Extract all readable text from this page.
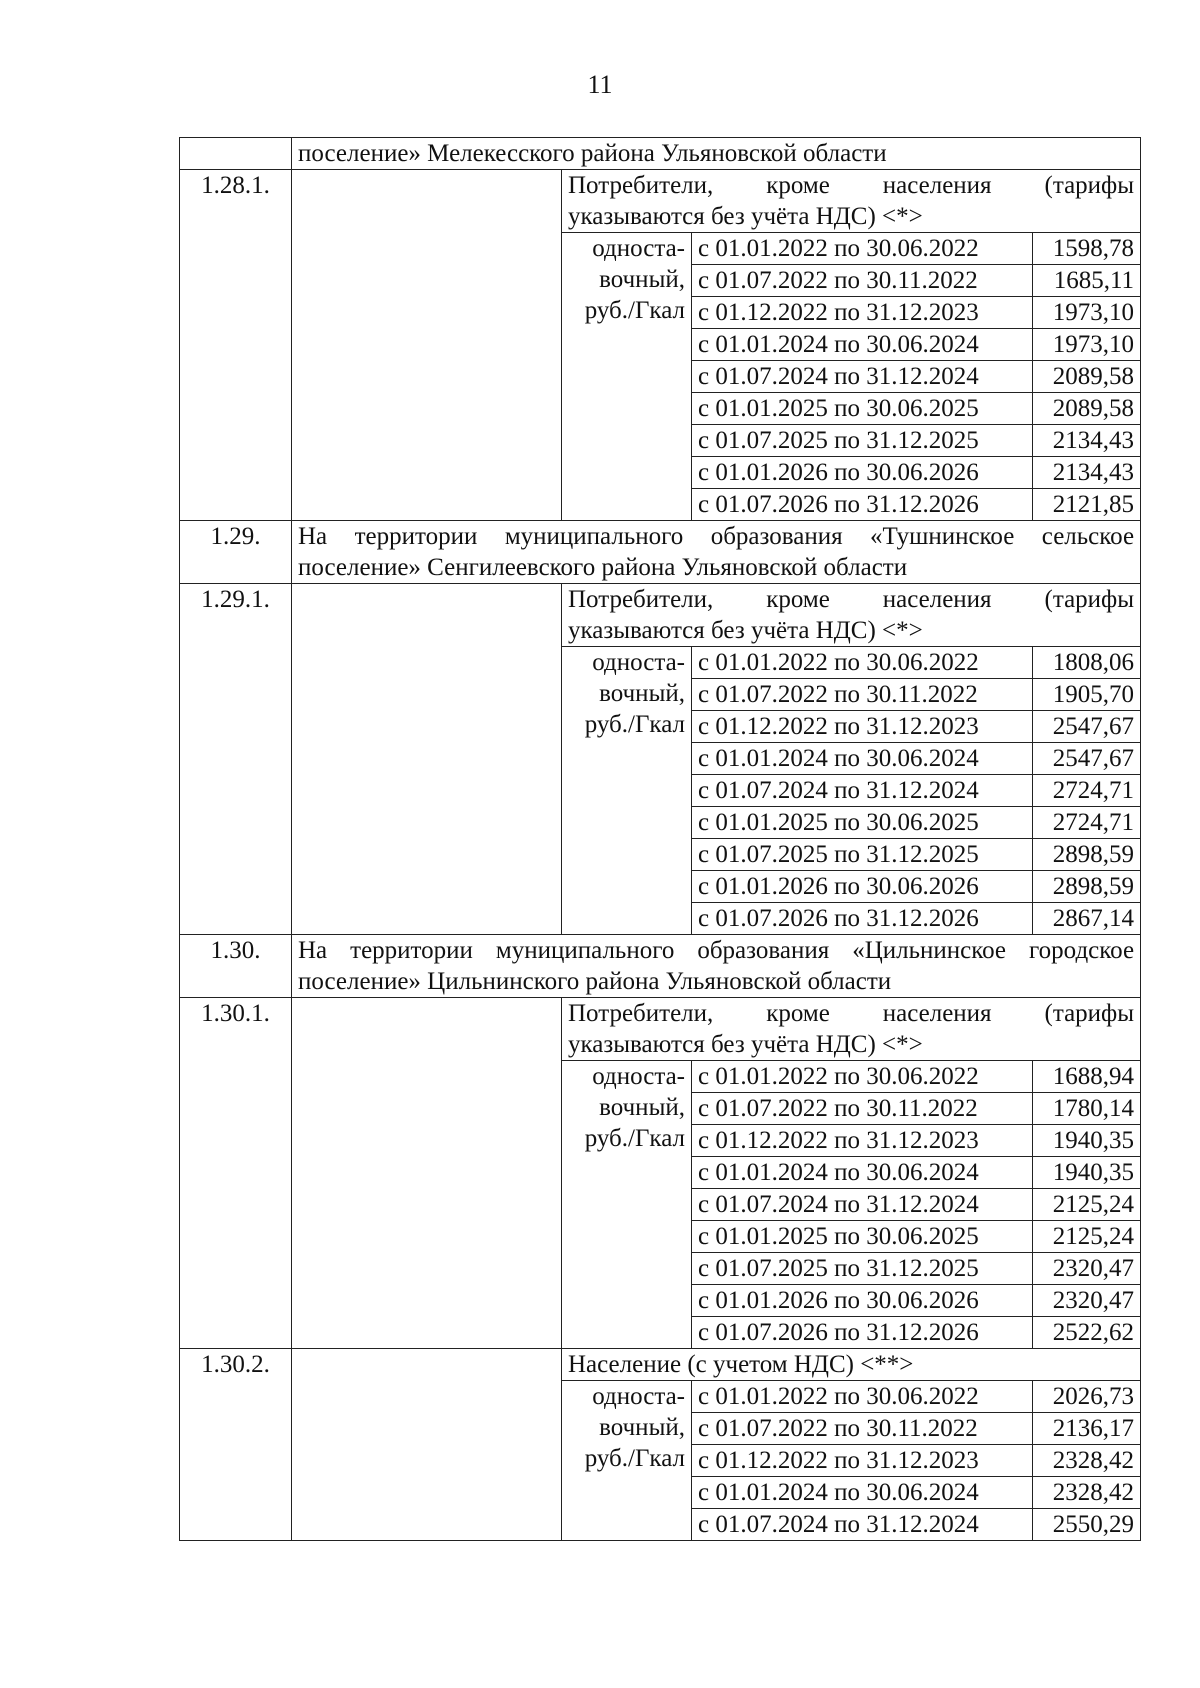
11
	поселение» Мелекесского района Ульяновской области			
1.28.1.		Потребители, кроме населения (тарифы указываются без учёта НДС) <*>		
		односта-вочный, руб./Гкал	с 01.01.2022 по 30.06.2022	1598,78
			с 01.07.2022 по 30.11.2022	1685,11
			с 01.12.2022 по 31.12.2023	1973,10
			с 01.01.2024 по 30.06.2024	1973,10
			с 01.07.2024 по 31.12.2024	2089,58
			с 01.01.2025 по 30.06.2025	2089,58
			с 01.07.2025 по 31.12.2025	2134,43
			с 01.01.2026 по 30.06.2026	2134,43
			с 01.07.2026 по 31.12.2026	2121,85
1.29.	На территории муниципального образования «Тушнинское сельское поселение» Сенгилеевского района Ульяновской области			
1.29.1.		Потребители, кроме населения (тарифы указываются без учёта НДС) <*>		
		односта-вочный, руб./Гкал	с 01.01.2022 по 30.06.2022	1808,06
			с 01.07.2022 по 30.11.2022	1905,70
			с 01.12.2022 по 31.12.2023	2547,67
			с 01.01.2024 по 30.06.2024	2547,67
			с 01.07.2024 по 31.12.2024	2724,71
			с 01.01.2025 по 30.06.2025	2724,71
			с 01.07.2025 по 31.12.2025	2898,59
			с 01.01.2026 по 30.06.2026	2898,59
			с 01.07.2026 по 31.12.2026	2867,14
1.30.	На территории муниципального образования «Цильнинское городское поселение» Цильнинского района Ульяновской области			
1.30.1.		Потребители, кроме населения (тарифы указываются без учёта НДС) <*>		
		односта-вочный, руб./Гкал	с 01.01.2022 по 30.06.2022	1688,94
			с 01.07.2022 по 30.11.2022	1780,14
			с 01.12.2022 по 31.12.2023	1940,35
			с 01.01.2024 по 30.06.2024	1940,35
			с 01.07.2024 по 31.12.2024	2125,24
			с 01.01.2025 по 30.06.2025	2125,24
			с 01.07.2025 по 31.12.2025	2320,47
			с 01.01.2026 по 30.06.2026	2320,47
			с 01.07.2026 по 31.12.2026	2522,62
1.30.2.		Население (с учетом НДС) <**>		
		односта-вочный, руб./Гкал	с 01.01.2022 по 30.06.2022	2026,73
			с 01.07.2022 по 30.11.2022	2136,17
			с 01.12.2022 по 31.12.2023	2328,42
			с 01.01.2024 по 30.06.2024	2328,42
			с 01.07.2024 по 31.12.2024	2550,29
